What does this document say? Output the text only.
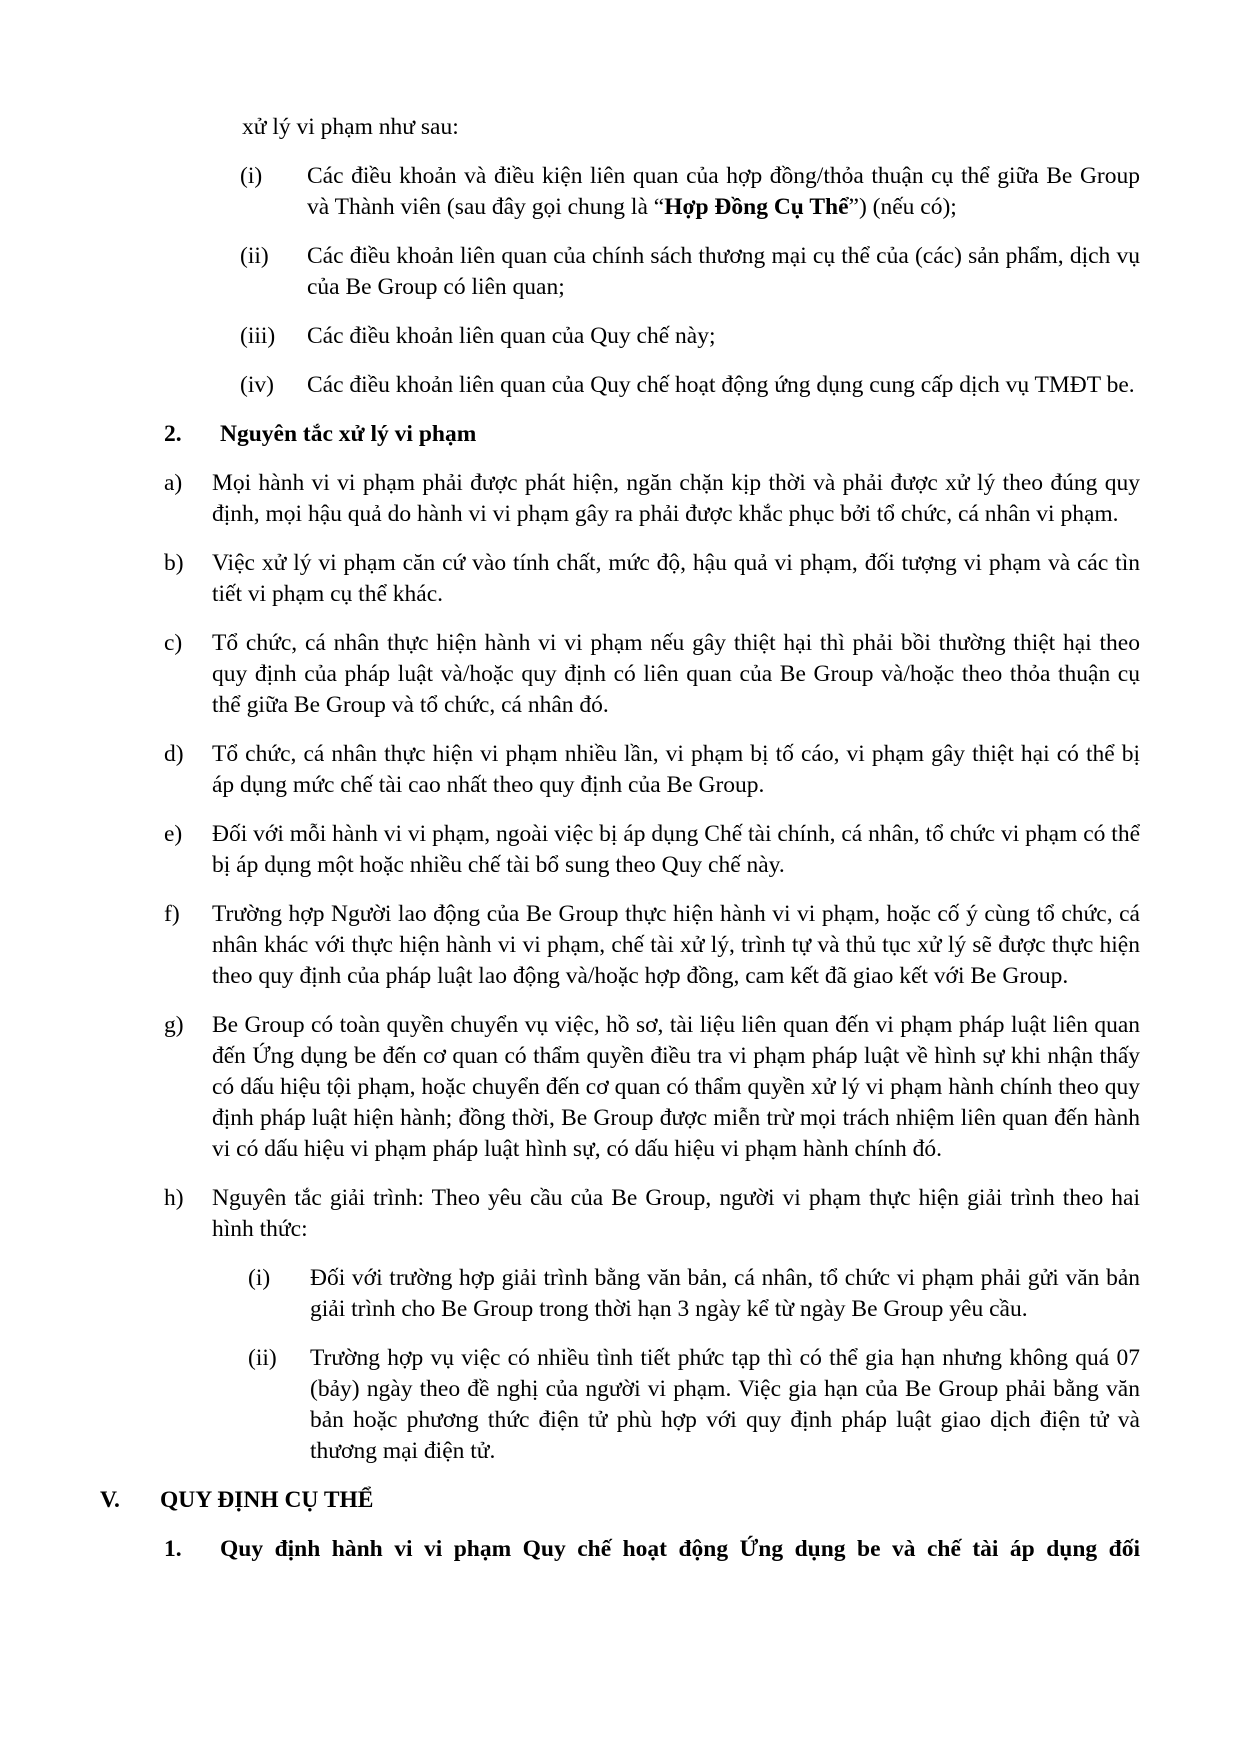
xử lý vi phạm như sau:
(i)	Các điều khoản và điều kiện liên quan của hợp đồng/thỏa thuận cụ thể giữa Be Group và Thành viên (sau đây gọi chung là “Hợp Đồng Cụ Thể”) (nếu có);
(ii)	Các điều khoản liên quan của chính sách thương mại cụ thể của (các) sản phẩm, dịch vụ của Be Group có liên quan;
(iii)	Các điều khoản liên quan của Quy chế này;
(iv)	Các điều khoản liên quan của Quy chế hoạt động ứng dụng cung cấp dịch vụ TMĐT be.
2.	Nguyên tắc xử lý vi phạm
a)	Mọi hành vi vi phạm phải được phát hiện, ngăn chặn kịp thời và phải được xử lý theo đúng quy định, mọi hậu quả do hành vi vi phạm gây ra phải được khắc phục bởi tổ chức, cá nhân vi phạm.
b)	Việc xử lý vi phạm căn cứ vào tính chất, mức độ, hậu quả vi phạm, đối tượng vi phạm và các tìn tiết vi phạm cụ thể khác.
c)	Tổ chức, cá nhân thực hiện hành vi vi phạm nếu gây thiệt hại thì phải bồi thường thiệt hại theo quy định của pháp luật và/hoặc quy định có liên quan của Be Group và/hoặc theo thỏa thuận cụ thể giữa Be Group và tổ chức, cá nhân đó.
d)	Tổ chức, cá nhân thực hiện vi phạm nhiều lần, vi phạm bị tố cáo, vi phạm gây thiệt hại có thể bị áp dụng mức chế tài cao nhất theo quy định của Be Group.
e)	Đối với mỗi hành vi vi phạm, ngoài việc bị áp dụng Chế tài chính, cá nhân, tổ chức vi phạm có thể bị áp dụng một hoặc nhiều chế tài bổ sung theo Quy chế này.
f)	Trường hợp Người lao động của Be Group thực hiện hành vi vi phạm, hoặc cố ý cùng tổ chức, cá nhân khác với thực hiện hành vi vi phạm, chế tài xử lý, trình tự và thủ tục xử lý sẽ được thực hiện theo quy định của pháp luật lao động và/hoặc hợp đồng, cam kết đã giao kết với Be Group.
g)	Be Group có toàn quyền chuyển vụ việc, hồ sơ, tài liệu liên quan đến vi phạm pháp luật liên quan đến Ứng dụng be đến cơ quan có thẩm quyền điều tra vi phạm pháp luật về hình sự khi nhận thấy có dấu hiệu tội phạm, hoặc chuyển đến cơ quan có thẩm quyền xử lý vi phạm hành chính theo quy định pháp luật hiện hành; đồng thời, Be Group được miễn trừ mọi trách nhiệm liên quan đến hành vi có dấu hiệu vi phạm pháp luật hình sự, có dấu hiệu vi phạm hành chính đó.
h)	Nguyên tắc giải trình: Theo yêu cầu của Be Group, người vi phạm thực hiện giải trình theo hai hình thức:
(i)	Đối với trường hợp giải trình bằng văn bản, cá nhân, tổ chức vi phạm phải gửi văn bản giải trình cho Be Group trong thời hạn 3 ngày kể từ ngày Be Group yêu cầu.
(ii)	Trường hợp vụ việc có nhiều tình tiết phức tạp thì có thể gia hạn nhưng không quá 07 (bảy) ngày theo đề nghị của người vi phạm. Việc gia hạn của Be Group phải bằng văn bản hoặc phương thức điện tử phù hợp với quy định pháp luật giao dịch điện tử và thương mại điện tử.
V.	QUY ĐỊNH CỤ THỂ
1.	Quy định hành vi vi phạm Quy chế hoạt động Ứng dụng be và chế tài áp dụng đối
